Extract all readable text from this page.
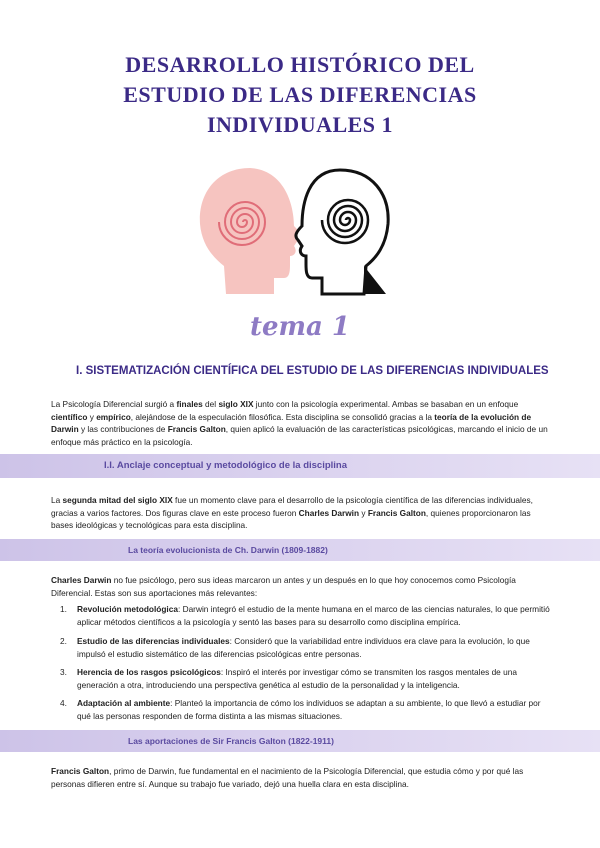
DESARROLLO HISTÓRICO DEL
ESTUDIO DE LAS DIFERENCIAS
INDIVIDUALES 1
tema 1
I. SISTEMATIZACIÓN CIENTÍFICA DEL ESTUDIO DE LAS DIFERENCIAS INDIVIDUALES
La Psicología Diferencial surgió a finales del siglo XIX junto con la psicología experimental. Ambas se basaban en un enfoque científico y empírico, alejándose de la especulación filosófica. Esta disciplina se consolidó gracias a la teoría de la evolución de Darwin y las contribuciones de Francis Galton, quien aplicó la evaluación de las características psicológicas, marcando el inicio de un enfoque más práctico en la psicología.
I.I. Anclaje conceptual y metodológico de la disciplina
La segunda mitad del siglo XIX fue un momento clave para el desarrollo de la psicología científica de las diferencias individuales, gracias a varios factores. Dos figuras clave en este proceso fueron Charles Darwin y Francis Galton, quienes proporcionaron las bases ideológicas y tecnológicas para esta disciplina.
La teoría evolucionista de Ch. Darwin (1809-1882)
Charles Darwin no fue psicólogo, pero sus ideas marcaron un antes y un después en lo que hoy conocemos como Psicología Diferencial. Estas son sus aportaciones más relevantes:
1.	Revolución metodológica: Darwin integró el estudio de la mente humana en el marco de las ciencias naturales, lo que permitió aplicar métodos científicos a la psicología y sentó las bases para su desarrollo como disciplina empírica.
2.	Estudio de las diferencias individuales: Consideró que la variabilidad entre individuos era clave para la evolución, lo que impulsó el estudio sistemático de las diferencias psicológicas entre personas.
3.	Herencia de los rasgos psicológicos: Inspiró el interés por investigar cómo se transmiten los rasgos mentales de una generación a otra, introduciendo una perspectiva genética al estudio de la personalidad y la inteligencia.
4.	Adaptación al ambiente: Planteó la importancia de cómo los individuos se adaptan a su ambiente, lo que llevó a estudiar por qué las personas responden de forma distinta a las mismas situaciones.
Las aportaciones de Sir Francis Galton (1822-1911)
Francis Galton, primo de Darwin, fue fundamental en el nacimiento de la Psicología Diferencial, que estudia cómo y por qué las personas difieren entre sí. Aunque su trabajo fue variado, dejó una huella clara en esta disciplina.
